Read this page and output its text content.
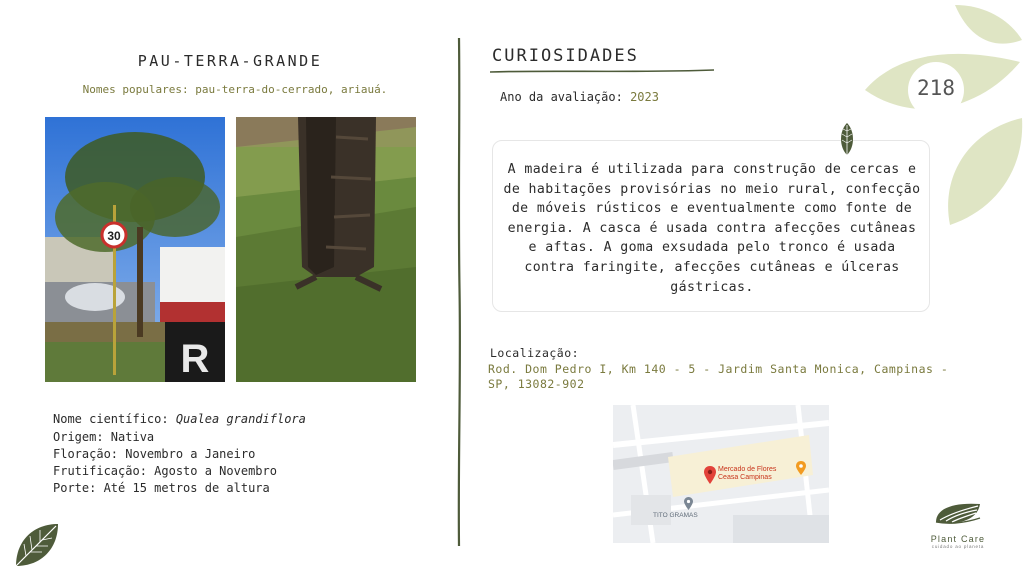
PAU-TERRA-GRANDE
Nomes populares: pau-terra-do-cerrado, ariauá.
R
30
Nome científico: Qualea grandiflora
Origem: Nativa
Floração: Novembro a Janeiro
Frutificação: Agosto a Novembro
Porte: Até 15 metros de altura
CURIOSIDADES
Ano da avaliação: 2023
A madeira é utilizada para construção de cercas e de habitações provisórias no meio rural, confecção de móveis rústicos e eventualmente como fonte de energia. A casca é usada contra afecções cutâneas e aftas. A goma exsudada pelo tronco é usada contra faringite, afecções cutâneas e úlceras gástricas.
Localização:
Rod. Dom Pedro I, Km 140 - 5 - Jardim Santa Monica, Campinas - SP, 13082-902
Mercado de Flores
Ceasa Campinas
TITO GRAMAS
218
Plant Care
cuidado ao planeta
